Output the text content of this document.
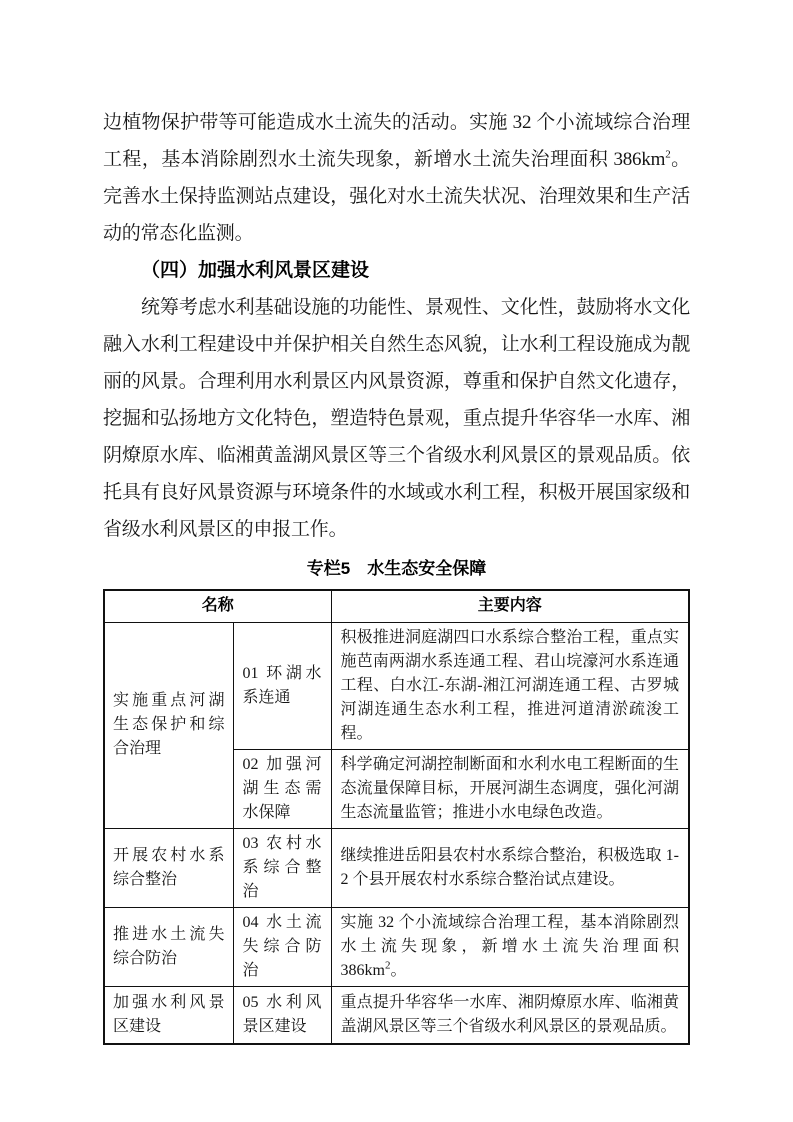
边植物保护带等可能造成水土流失的活动。实施 32 个小流域综合治理工程，基本消除剧烈水土流失现象，新增水土流失治理面积 $386km^2$。完善水土保持监测站点建设，强化对水土流失状况、治理效果和生产活动的常态化监测。

（四）加强水利风景区建设

统筹考虑水利基础设施的功能性、景观性、文化性，鼓励将水文化融入水利工程建设中并保护相关自然生态风貌，让水利工程设施成为靓丽的风景。合理利用水利景区内风景资源，尊重和保护自然文化遗存，挖掘和弘扬地方文化特色，塑造特色景观，重点提升华容华一水库、湘阴燎原水库、临湘黄盖湖风景区等三个省级水利风景区的景观品质。依托具有良好风景资源与环境条件的水域或水利工程，积极开展国家级和省级水利风景区的申报工作。

专栏5　水生态安全保障
名称		主要内容
实施重点河湖生态保护和综合治理	01 环湖水系连通	积极推进洞庭湖四口水系综合整治工程，重点实施芭南两湖水系连通工程、君山垸濠河水系连通工程、白水江-东湖-湘江河湖连通工程、古罗城河湖连通生态水利工程，推进河道清淤疏浚工程。
	02 加强河湖生态需水保障	科学确定河湖控制断面和水利水电工程断面的生态流量保障目标，开展河湖生态调度，强化河湖生态流量监管；推进小水电绿色改造。
开展农村水系综合整治	03 农村水系综合整治	继续推进岳阳县农村水系综合整治，积极选取 1-2 个县开展农村水系综合整治试点建设。
推进水土流失综合防治	04 水土流失综合防治	实施 32 个小流域综合治理工程，基本消除剧烈水土流失现象，新增水土流失治理面积 $386km^2$。
加强水利风景区建设	05 水利风景区建设	重点提升华容华一水库、湘阴燎原水库、临湘黄盖湖风景区等三个省级水利风景区的景观品质。
